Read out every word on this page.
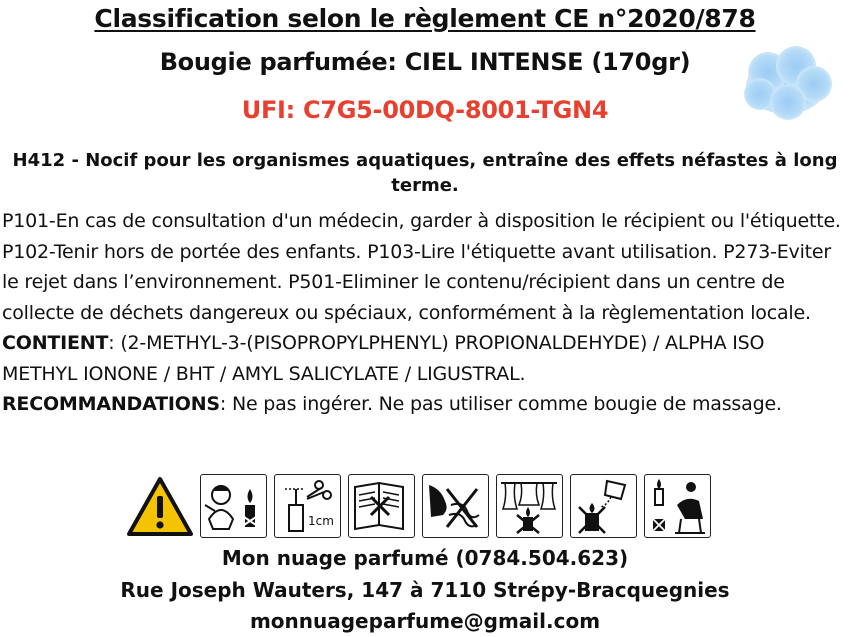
Classification selon le règlement CE n°2020/878
Bougie parfumée: CIEL INTENSE (170gr)
UFI: C7G5-00DQ-8001-TGN4
H412 - Nocif pour les organismes aquatiques, entraîne des effets néfastes à long terme.

P101-En cas de consultation d'un médecin, garder à disposition le récipient ou l'étiquette. P102-Tenir hors de portée des enfants. P103-Lire l'étiquette avant utilisation. P273-Eviter le rejet dans l’environnement. P501-Eliminer le contenu/récipient dans un centre de collecte de déchets dangereux ou spéciaux, conformément à la règlementation locale.

CONTIENT: (2-METHYL-3-(PISOPROPYLPHENYL) PROPIONALDEHYDE) / ALPHA ISO METHYL IONONE / BHT / AMYL SALICYLATE / LIGUSTRAL.

RECOMMANDATIONS: Ne pas ingérer. Ne pas utiliser comme bougie de massage.

1cm
Mon nuage parfumé (0784.504.623)
Rue Joseph Wauters, 147 à 7110 Strépy-Bracquegnies
monnuageparfume@gmail.com
